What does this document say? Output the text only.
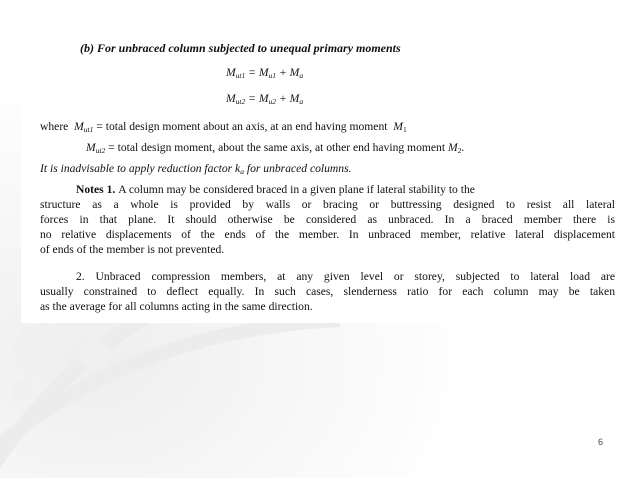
(b) For unbraced column subjected to unequal primary moments
$M_{ut1} = M_{u1} + M_a$
$M_{ut2} = M_{u2} + M_a$
where $M_{ut1}$ = total design moment about an axis, at an end having moment $M_1$
$M_{ut2}$ = total design moment, about the same axis, at other end having moment $M_2$.
It is inadvisable to apply reduction factor $k_a$ for unbraced columns.
Notes 1. A column may be considered braced in a given plane if lateral stability to the
structure as a whole is provided by walls or bracing or buttressing designed to resist all lateral
forces in that plane. It should otherwise be considered as unbraced. In a braced member there is
no relative displacements of the ends of the member. In unbraced member, relative lateral displacement
of ends of the member is not prevented.
2. Unbraced compression members, at any given level or storey, subjected to lateral load are
usually constrained to deflect equally. In such cases, slenderness ratio for each column may be taken
as the average for all columns acting in the same direction.
6
